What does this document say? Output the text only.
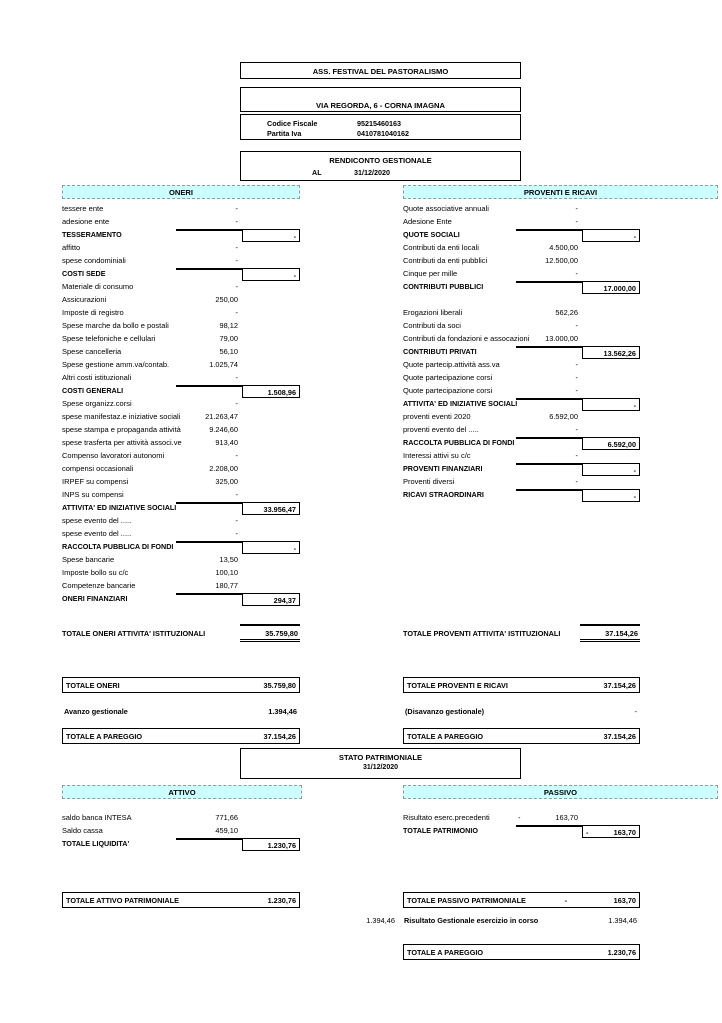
ASS. FESTIVAL DEL PASTORALISMO
VIA REGORDA, 6 - CORNA IMAGNA
Codice Fiscale	95215460163
Partita Iva	0410781040162
RENDICONTO GESTIONALE
AL	31/12/2020
ONERI	PROVENTI E RICAVI
tessere ente	-
adesione ente	-
TESSERAMENTO	-
affitto	-
spese condominiali	-
COSTI SEDE	-
Materiale di consumo	-
Assicurazioni	250,00
Imposte di registro	-
Spese marche da bollo e postali	98,12
Spese telefoniche e cellulari	79,00
Spese cancelleria	56,10
Spese gestione amm.va/contab.	1.025,74
Altri costi istituzionali	-
COSTI GENERALI	1.508,96
Spese organizz.corsi	-
spese manifestaz.e iniziative sociali	21.263,47
spese stampa e propaganda attività	9.246,60
spese trasferta per attività associ.ve	913,40
Compenso lavoratori autonomi	-
compensi occasionali	2.208,00
IRPEF su compensi	325,00
INPS su compensi	-
ATTIVITA' ED INIZIATIVE SOCIALI	33.956,47
spese evento del .....	-
spese evento del .....	-
RACCOLTA PUBBLICA DI FONDI	-
Spese bancarie	13,50
Imposte bollo su c/c	100,10
Competenze bancarie	180,77
ONERI FINANZIARI	294,37
Quote associative annuali	-
Adesione Ente	-
QUOTE SOCIALI	-
Contributi da enti locali	4.500,00
Contributi da enti pubblici	12.500,00
Cinque per mille	-
CONTRIBUTI PUBBLICI	17.000,00
Erogazioni liberali	562,26
Contributi da soci	-
Contributi da fondazioni e assocazioni	13.000,00
CONTRIBUTI PRIVATI	13.562,26
Quote partecip.attività ass.va	-
Quote partecipazione corsi	-
Quote partecipazione corsi	-
ATTIVITA' ED INIZIATIVE SOCIALI	-
proventi eventi 2020	6.592,00
proventi evento del .....	-
RACCOLTA PUBBLICA DI FONDI	6.592,00
Interessi attivi su c/c	-
PROVENTI FINANZIARI	-
Proventi diversi	-
RICAVI STRAORDINARI	-
TOTALE ONERI ATTIVITA' ISTITUZIONALI	35.759,80	TOTALE PROVENTI ATTIVITA' ISTITUZIONALI	37.154,26
TOTALE ONERI	35.759,80	TOTALE PROVENTI E RICAVI	37.154,26
Avanzo gestionale	1.394,46	(Disavanzo gestionale)	-
TOTALE A PAREGGIO	37.154,26	TOTALE A PAREGGIO	37.154,26
STATO PATRIMONIALE
31/12/2020
ATTIVO	PASSIVO
saldo banca INTESA	771,66
Saldo cassa	459,10
TOTALE LIQUIDITA'	1.230,76
Risultato eserc.precedenti	-	163,70
TOTALE PATRIMONIO	-	163,70
TOTALE ATTIVO PATRIMONIALE	1.230,76	TOTALE PASSIVO PATRIMONIALE	-	163,70
1.394,46 Risultato Gestionale esercizio in corso	1.394,46
TOTALE A PAREGGIO	1.230,76
